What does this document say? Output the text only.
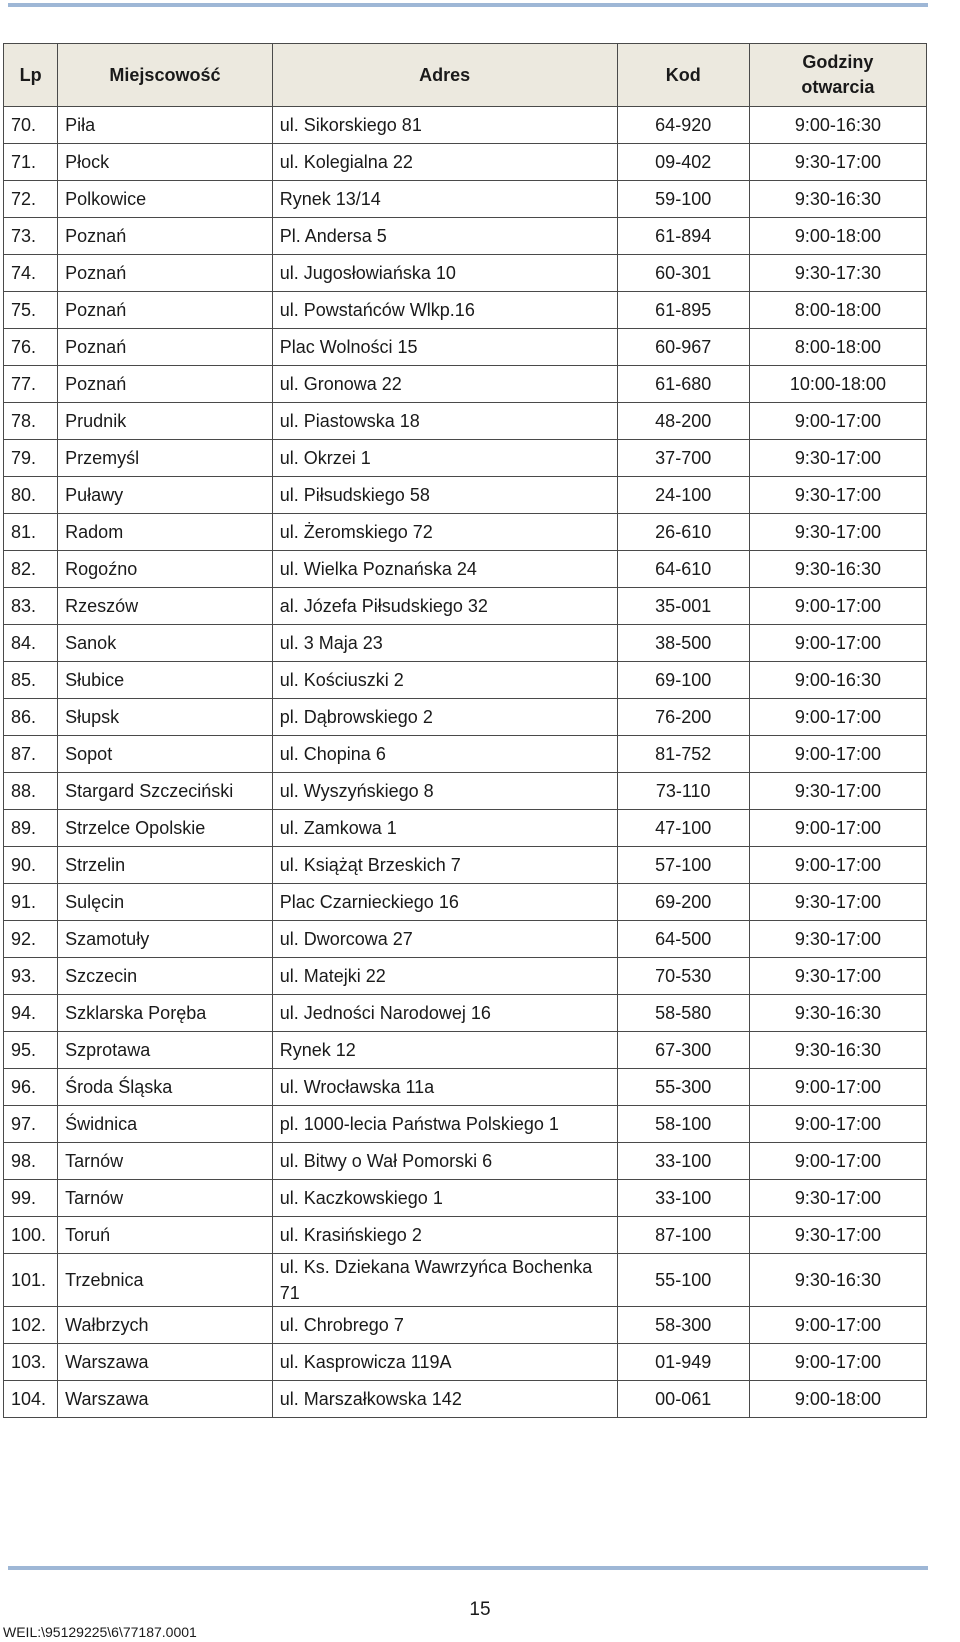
Lp	Miejscowość	Adres	Kod	Godziny
otwarcia
70.	Piła	ul. Sikorskiego 81	64-920	9:00-16:30
71.	Płock	ul. Kolegialna 22	09-402	9:30-17:00
72.	Polkowice	Rynek 13/14	59-100	9:30-16:30
73.	Poznań	Pl. Andersa 5	61-894	9:00-18:00
74.	Poznań	ul. Jugosłowiańska 10	60-301	9:30-17:30
75.	Poznań	ul. Powstańców Wlkp.16	61-895	8:00-18:00
76.	Poznań	Plac Wolności 15	60-967	8:00-18:00
77.	Poznań	ul. Gronowa 22	61-680	10:00-18:00
78.	Prudnik	ul. Piastowska 18	48-200	9:00-17:00
79.	Przemyśl	ul. Okrzei 1	37-700	9:30-17:00
80.	Puławy	ul. Piłsudskiego 58	24-100	9:30-17:00
81.	Radom	ul. Żeromskiego 72	26-610	9:30-17:00
82.	Rogoźno	ul. Wielka Poznańska 24	64-610	9:30-16:30
83.	Rzeszów	al. Józefa Piłsudskiego 32	35-001	9:00-17:00
84.	Sanok	ul. 3 Maja 23	38-500	9:00-17:00
85.	Słubice	ul. Kościuszki 2	69-100	9:00-16:30
86.	Słupsk	pl. Dąbrowskiego 2	76-200	9:00-17:00
87.	Sopot	ul. Chopina 6	81-752	9:00-17:00
88.	Stargard Szczeciński	ul. Wyszyńskiego 8	73-110	9:30-17:00
89.	Strzelce Opolskie	ul. Zamkowa 1	47-100	9:00-17:00
90.	Strzelin	ul. Książąt Brzeskich 7	57-100	9:00-17:00
91.	Sulęcin	Plac Czarnieckiego 16	69-200	9:30-17:00
92.	Szamotuły	ul. Dworcowa 27	64-500	9:30-17:00
93.	Szczecin	ul. Matejki 22	70-530	9:30-17:00
94.	Szklarska Poręba	ul. Jedności Narodowej 16	58-580	9:30-16:30
95.	Szprotawa	Rynek 12	67-300	9:30-16:30
96.	Środa Śląska	ul. Wrocławska 11a	55-300	9:00-17:00
97.	Świdnica	pl. 1000-lecia Państwa Polskiego 1	58-100	9:00-17:00
98.	Tarnów	ul. Bitwy o Wał Pomorski 6	33-100	9:00-17:00
99.	Tarnów	ul. Kaczkowskiego 1	33-100	9:30-17:00
100.	Toruń	ul. Krasińskiego 2	87-100	9:30-17:00
101.	Trzebnica	ul. Ks. Dziekana Wawrzyńca Bochenka 71	55-100	9:30-16:30
102.	Wałbrzych	ul. Chrobrego 7	58-300	9:00-17:00
103.	Warszawa	ul. Kasprowicza 119A	01-949	9:00-17:00
104.	Warszawa	ul. Marszałkowska 142	00-061	9:00-18:00
15
WEIL:\95129225\6\77187.0001
